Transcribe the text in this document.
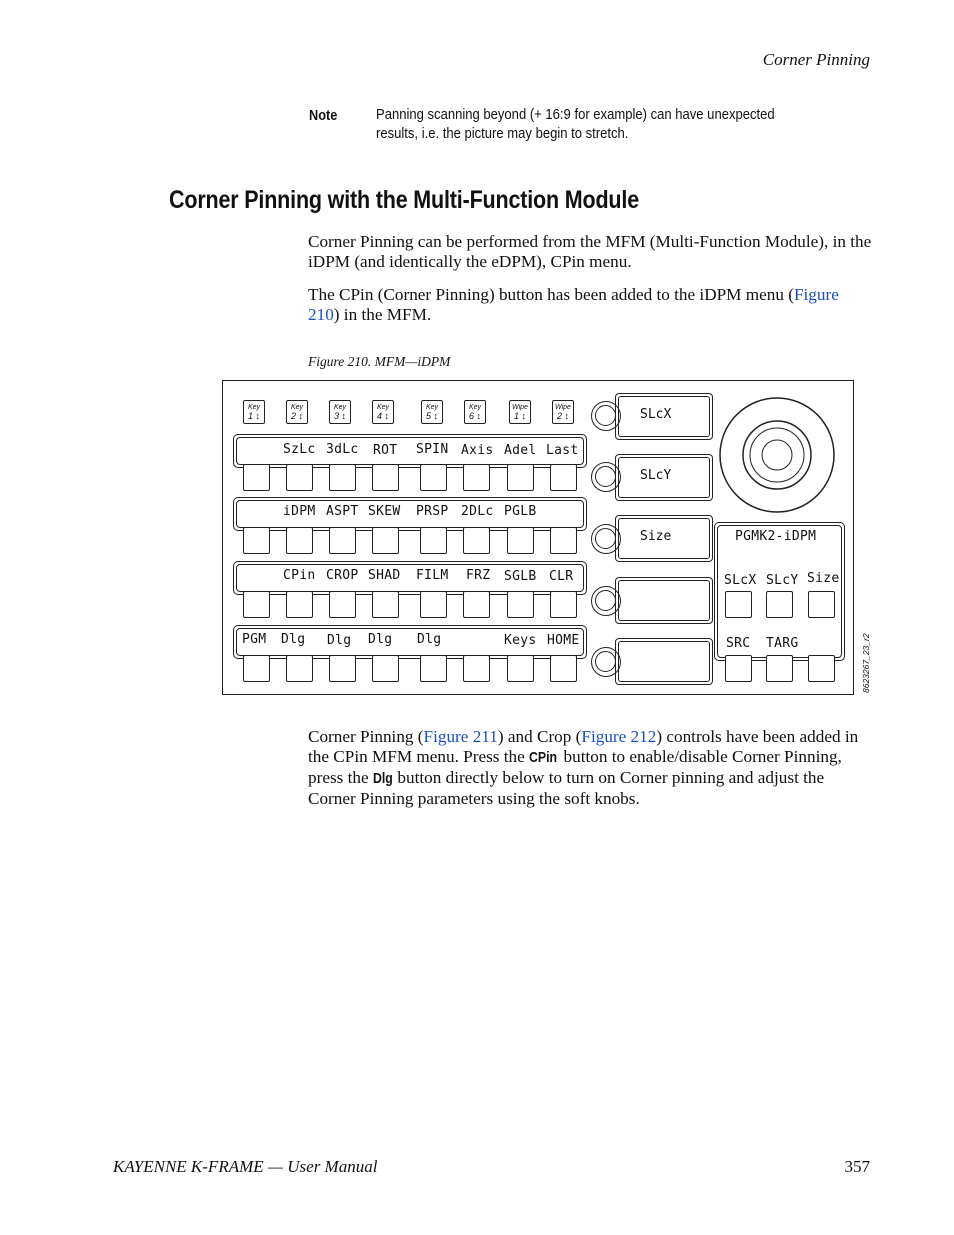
Corner Pinning
Note	Panning scanning beyond (+ 16:9 for example) can have unexpected results, i.e. the picture may begin to stretch.
Corner Pinning with the Multi-Function Module
Corner Pinning can be performed from the MFM (Multi-Function Module), in the iDPM (and identically the eDPM), CPin menu.
The CPin (Corner Pinning) button has been added to the iDPM menu (Figure 210) in the MFM.
Figure 210. MFM—iDPM
Key
1 ↕
Key
2 ↕
Key
3 ↕
Key
4 ↕
Key
5 ↕
Key
6 ↕
Wipe
1 ↕
Wipe
2 ↕
SzLc 3dLc ROT SPIN Axis Adel Last
iDPM ASPT SKEW PRSP 2DLc PGLB
CPin CROP SHAD FILM FRZ SGLB CLR
PGM Dlg Dlg Dlg Dlg	Keys HOME
SLcX
SLcY
Size	PGMK2-iDPM
SLcX SLcY Size
SRC TARG	8623267_23_r2
Corner Pinning (Figure 211) and Crop (Figure 212) controls have been added in the CPin MFM menu. Press the CPin button to enable/disable Corner Pinning, press the Dlg button directly below to turn on Corner pinning and adjust the Corner Pinning parameters using the soft knobs.
KAYENNE K-FRAME — User Manual	357
